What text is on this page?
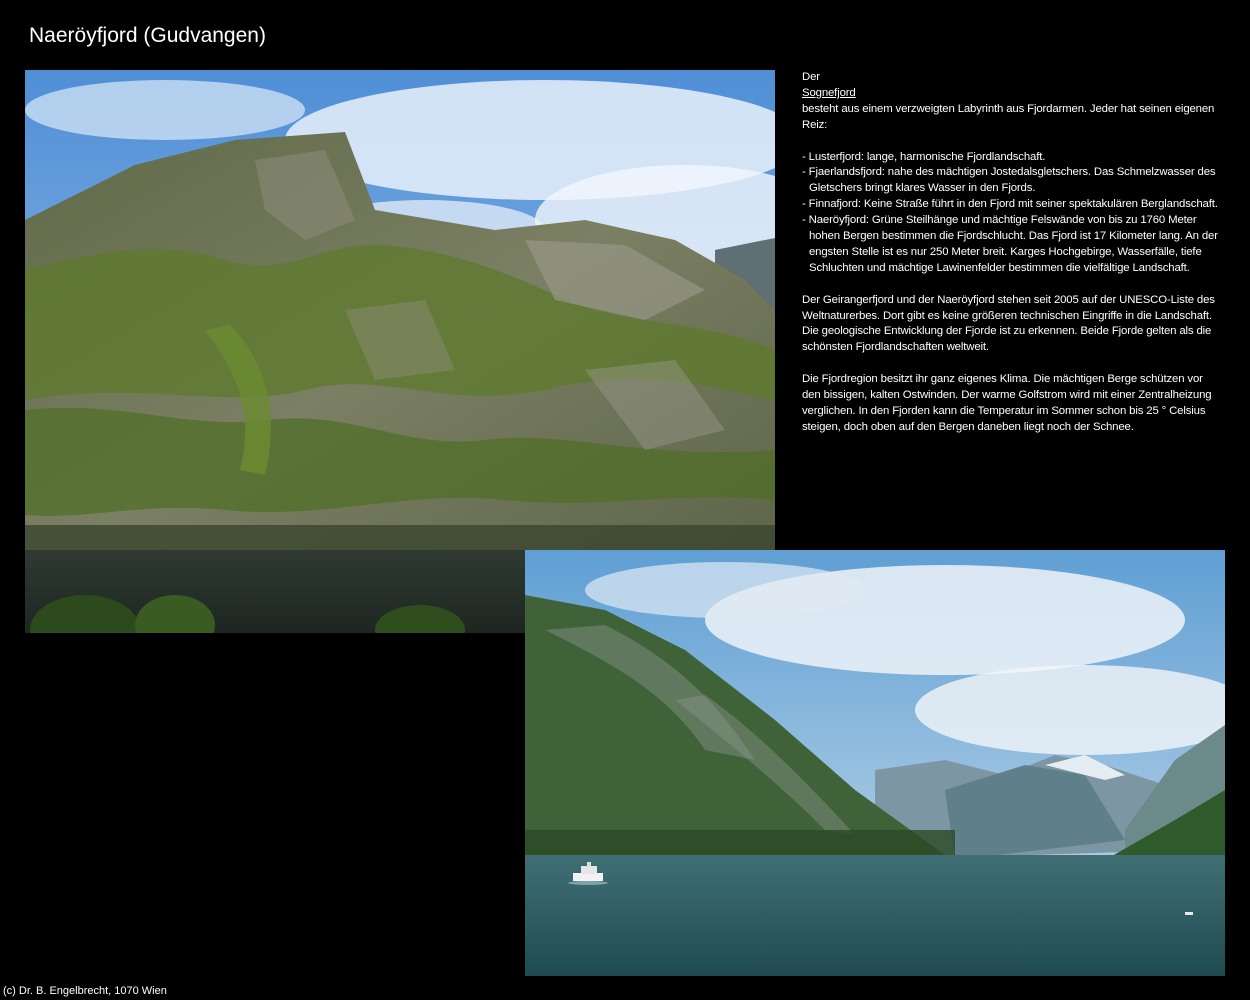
Naeröyfjord (Gudvangen)

Der
Sognefjord
besteht aus einem verzweigten Labyrinth aus Fjordarmen. Jeder hat seinen eigenen Reiz:

- Lusterfjord: lange, harmonische Fjordlandschaft.
- Fjaerlandsfjord: nahe des mächtigen Jostedalsgletschers. Das Schmelzwasser des Gletschers bringt klares Wasser in den Fjords.
- Finnafjord: Keine Straße führt in den Fjord mit seiner spektakulären Berglandschaft.
- Naeröyfjord: Grüne Steilhänge und mächtige Felswände von bis zu 1760 Meter hohen Bergen bestimmen die Fjordschlucht. Das Fjord ist 17 Kilometer lang. An der engsten Stelle ist es nur 250 Meter breit. Karges Hochgebirge, Wasserfälle, tiefe Schluchten und mächtige Lawinenfelder bestimmen die vielfältige Landschaft.

Der Geirangerfjord und der Naeröyfjord stehen seit 2005 auf der UNESCO-Liste des Weltnaturerbes. Dort gibt es keine größeren technischen Eingriffe in die Landschaft. Die geologische Entwicklung der Fjorde ist zu erkennen. Beide Fjorde gelten als die schönsten Fjordlandschaften weltweit.

Die Fjordregion besitzt ihr ganz eigenes Klima. Die mächtigen Berge schützen vor den bissigen, kalten Ostwinden. Der warme Golfstrom wird mit einer Zentralheizung verglichen. In den Fjorden kann die Temperatur im Sommer schon bis 25 ° Celsius steigen, doch oben auf den Bergen daneben liegt noch der Schnee.

(c) Dr. B. Engelbrecht, 1070 Wien
